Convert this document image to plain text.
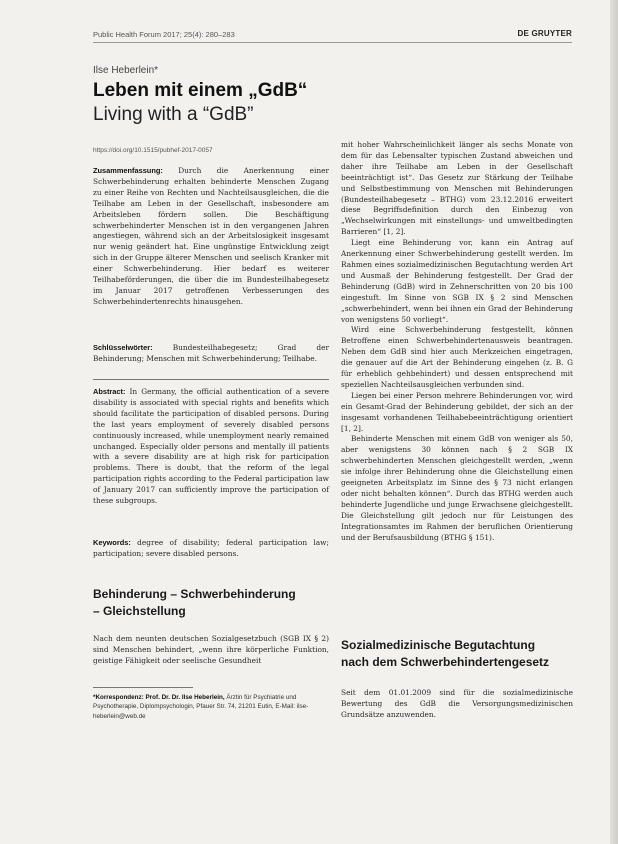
Public Health Forum 2017; 25(4): 280–283	DE GRUYTER
Ilse Heberlein*
Leben mit einem „GdB“
Living with a “GdB”
https://doi.org/10.1515/pubhef-2017-0057

Zusammenfassung: Durch die Anerkennung einer Schwerbehinderung erhalten behinderte Menschen Zugang zu einer Reihe von Rechten und Nachteilsausgleichen, die die Teilhabe am Leben in der Gesellschaft, insbesondere am Arbeitsleben fördern sollen. Die Beschäftigung schwerbehinderter Menschen ist in den vergangenen Jahren angestiegen, während sich an der Arbeitslosigkeit insgesamt nur wenig geändert hat. Eine ungünstige Entwicklung zeigt sich in der Gruppe älterer Menschen und seelisch Kranker mit einer Schwerbehinderung. Hier bedarf es weiterer Teilhabeförderungen, die über die im Bundesteilhabegesetz im Januar 2017 getroffenen Verbesserungen des Schwerbehindertenrechts hinausgehen.

Schlüsselwörter:	Bundesteilhabegesetz; Grad der Behinderung; Menschen mit Schwerbehinderung; Teilhabe.

Abstract: In Germany, the official authentication of a severe disability is associated with special rights and benefits which should facilitate the participation of disabled persons. During the last years employment of severely disabled persons continuously increased, while unemployment nearly remained unchanged. Especially older persons and mentally ill patients with a severe disability are at high risk for participation problems. There is doubt, that the reform of the legal participation rights according to the Federal participation law of January 2017 can sufficiently improve the participation of these subgroups.

Keywords: degree of disability; federal participation law; participation; severe disabled persons.

Behinderung – Schwerbehinderung
– Gleichstellung

Nach dem neunten deutschen Sozialgesetzbuch (SGB IX § 2) sind Menschen behindert, „wenn ihre körperliche Funktion, geistige Fähigkeit oder seelische Gesundheit

*Korrespondenz: Prof. Dr. Dr. Ilse Heberlein, Ärztin für Psychiatrie und Psychotherapie, Diplompsychologin, Pfauer Str. 74, 21201 Eutin, E-Mail: ilse-heberlein@web.de

mit hoher Wahrscheinlichkeit länger als sechs Monate von dem für das Lebensalter typischen Zustand abweichen und daher ihre Teilhabe am Leben in der Gesellschaft beeinträchtigt ist“. Das Gesetz zur Stärkung der Teilhabe und Selbstbestimmung von Menschen mit Behinderungen (Bundesteilhabegesetz – BTHG) vom 23.12.2016 erweitert diese Begriffsdefinition durch den Einbezug von „Wechselwirkungen mit einstellungs- und umweltbedingten Barrieren“ [1, 2].

Liegt eine Behinderung vor, kann ein Antrag auf Anerkennung einer Schwerbehinderung gestellt werden. Im Rahmen eines sozialmedizinischen Begutachtung werden Art und Ausmaß der Behinderung festgestellt. Der Grad der Behinderung (GdB) wird in Zehnerschritten von 20 bis 100 eingestuft. Im Sinne von SGB IX § 2 sind Menschen „schwerbehindert, wenn bei ihnen ein Grad der Behinderung von wenigstens 50 vorliegt“.

Wird eine Schwerbehinderung festgestellt, können Betroffene einen Schwerbehindertenausweis beantragen. Neben dem GdB sind hier auch Merkzeichen eingetragen, die genauer auf die Art der Behinderung eingehen (z. B. G für erheblich gehbehindert) und dessen entsprechend mit speziellen Nachteilsausgleichen verbunden sind.

Liegen bei einer Person mehrere Behinderungen vor, wird ein Gesamt-Grad der Behinderung gebildet, der sich an der insgesamt vorhandenen Teilhabebeeinträchtigung orientiert [1, 2].

Behinderte Menschen mit einem GdB von weniger als 50, aber wenigstens 30 können nach § 2 SGB IX schwerbehinderten Menschen gleichgestellt werden, „wenn sie infolge ihrer Behinderung ohne die Gleichstellung einen geeigneten Arbeitsplatz im Sinne des § 73 nicht erlangen oder nicht behalten können“. Durch das BTHG werden auch behinderte Jugendliche und junge Erwachsene gleichgestellt. Die Gleichstellung gilt jedoch nur für Leistungen des Integrationsamtes im Rahmen der beruflichen Orientierung und der Berufsausbildung (BTHG § 151).

Sozialmedizinische Begutachtung
nach dem Schwerbehindertengesetz

Seit dem 01.01.2009 sind für die sozialmedizinische Bewertung des GdB die Versorgungsmedizinischen Grundsätze anzuwenden.
